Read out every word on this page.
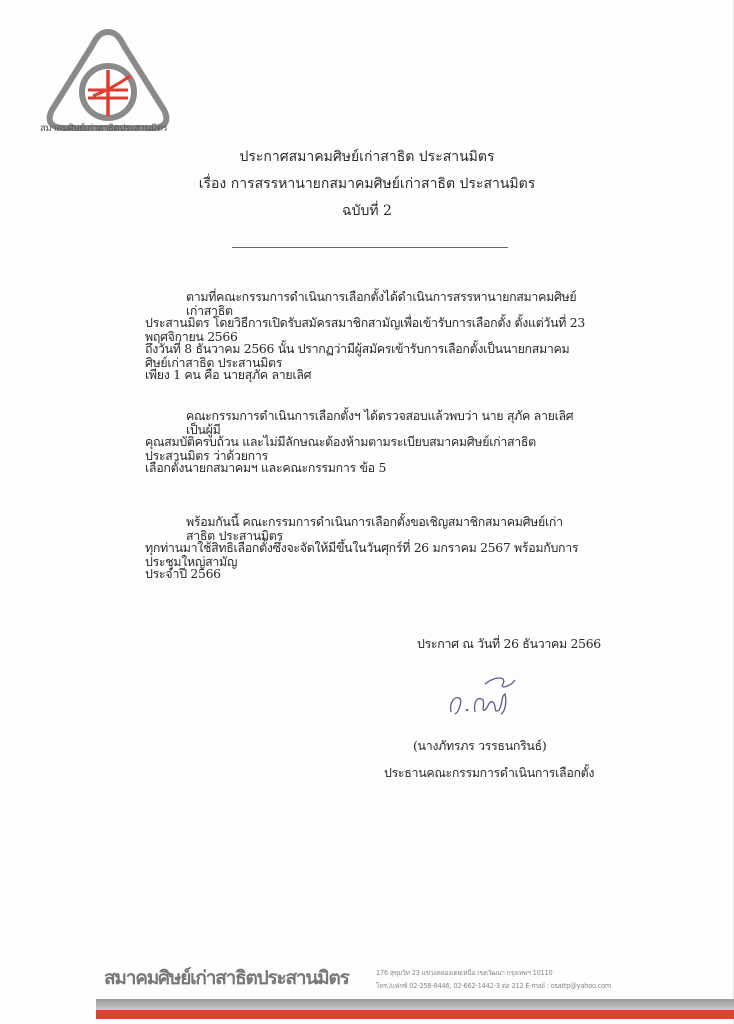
สมาคมศิษย์เก่าสาธิตประสานมิตร
ประกาศสมาคมศิษย์เก่าสาธิต ประสานมิตร
เรื่อง การสรรหานายกสมาคมศิษย์เก่าสาธิต ประสานมิตร
ฉบับที่ 2
ตามที่คณะกรรมการดำเนินการเลือกตั้งได้ดำเนินการสรรหานายกสมาคมศิษย์เก่าสาธิต
ประสานมิตร โดยวิธีการเปิดรับสมัครสมาชิกสามัญเพื่อเข้ารับการเลือกตั้ง ตั้งแต่วันที่ 23 พฤศจิกายน 2566
ถึงวันที่ 8 ธันวาคม 2566 นั้น ปรากฏว่ามีผู้สมัครเข้ารับการเลือกตั้งเป็นนายกสมาคมศิษย์เก่าสาธิต ประสานมิตร
เพียง 1 คน คือ นายสุภัค ลายเลิศ
คณะกรรมการดำเนินการเลือกตั้งฯ ได้ตรวจสอบแล้วพบว่า นาย สุภัค ลายเลิศ เป็นผู้มี
คุณสมบัติครบถ้วน และไม่มีลักษณะต้องห้ามตามระเบียบสมาคมศิษย์เก่าสาธิต ประสานมิตร ว่าด้วยการ
เลือกตั้งนายกสมาคมฯ และคณะกรรมการ ข้อ 5
พร้อมกันนี้ คณะกรรมการดำเนินการเลือกตั้งขอเชิญสมาชิกสมาคมศิษย์เก่าสาธิต ประสานมิตร
ทุกท่านมาใช้สิทธิเลือกตั้งซึ่งจะจัดให้มีขึ้นในวันศุกร์ที่ 26 มกราคม 2567 พร้อมกับการประชุมใหญ่สามัญ
ประจำปี 2566
ประกาศ ณ วันที่ 26 ธันวาคม 2566
(นางภัทรภร วรรธนกรินธ์)
ประธานคณะกรรมการดำเนินการเลือกตั้ง
สมาคมศิษย์เก่าสาธิตประสานมิตร	176 สุขุมวิท 23 แขวงคลองเตยเหนือ เขตวัฒนา กรุงเทพฯ 10110
โทร./แฟกซ์ 02-258-8446, 02-662-1442-3 ต่อ 212 E-mail : osattp@yahoo.com
